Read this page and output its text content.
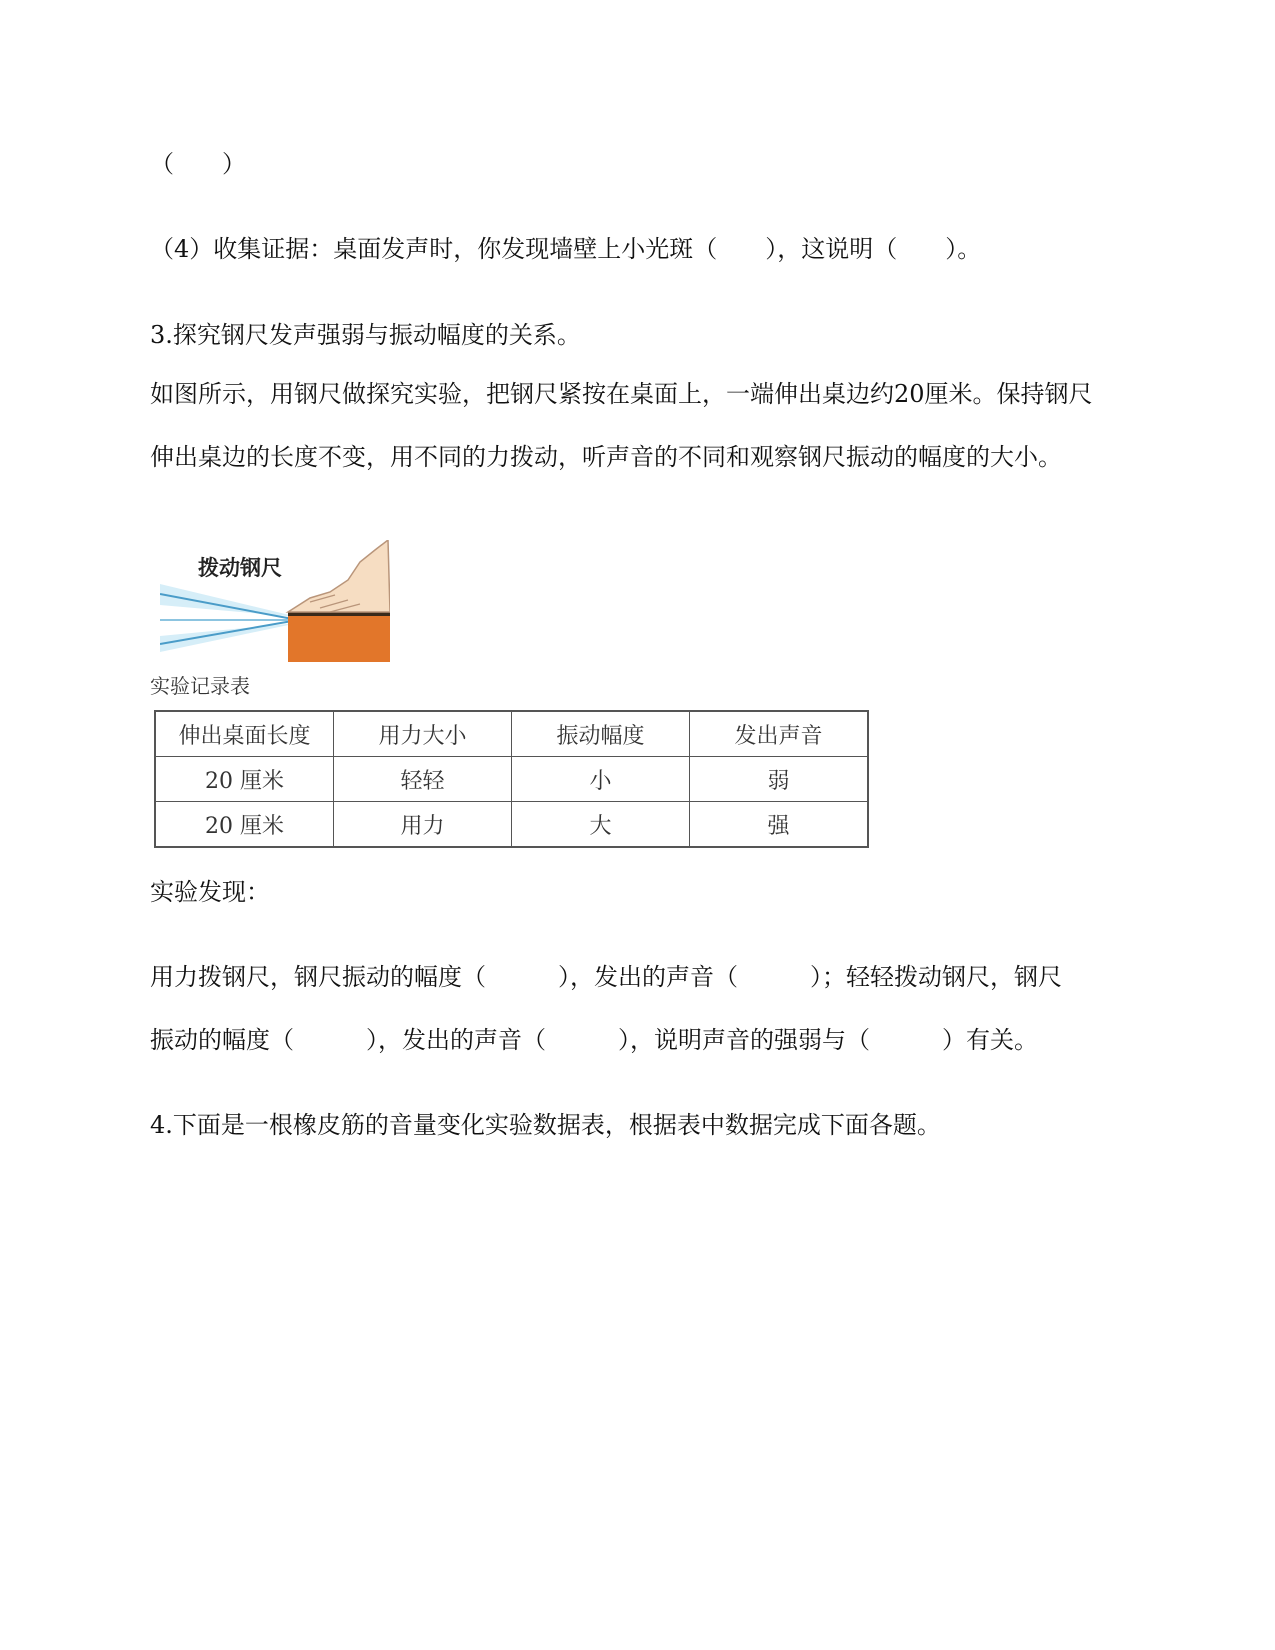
（　　）

（4）收集证据：桌面发声时，你发现墙壁上小光斑（　　），这说明（　　）。

3.探究钢尺发声强弱与振动幅度的关系。

如图所示，用钢尺做探究实验，把钢尺紧按在桌面上，一端伸出桌边约20厘米。保持钢尺

伸出桌边的长度不变，用不同的力拨动，听声音的不同和观察钢尺振动的幅度的大小。

拨动钢尺
实验记录表
伸出桌面长度	用力大小	振动幅度	发出声音
20 厘米	轻轻	小	弱
20 厘米	用力	大	强

实验发现：

用力拨钢尺，钢尺振动的幅度（　　　），发出的声音（　　　）；轻轻拨动钢尺，钢尺

振动的幅度（　　　），发出的声音（　　　），说明声音的强弱与（　　　）有关。

4.下面是一根橡皮筋的音量变化实验数据表，根据表中数据完成下面各题。
